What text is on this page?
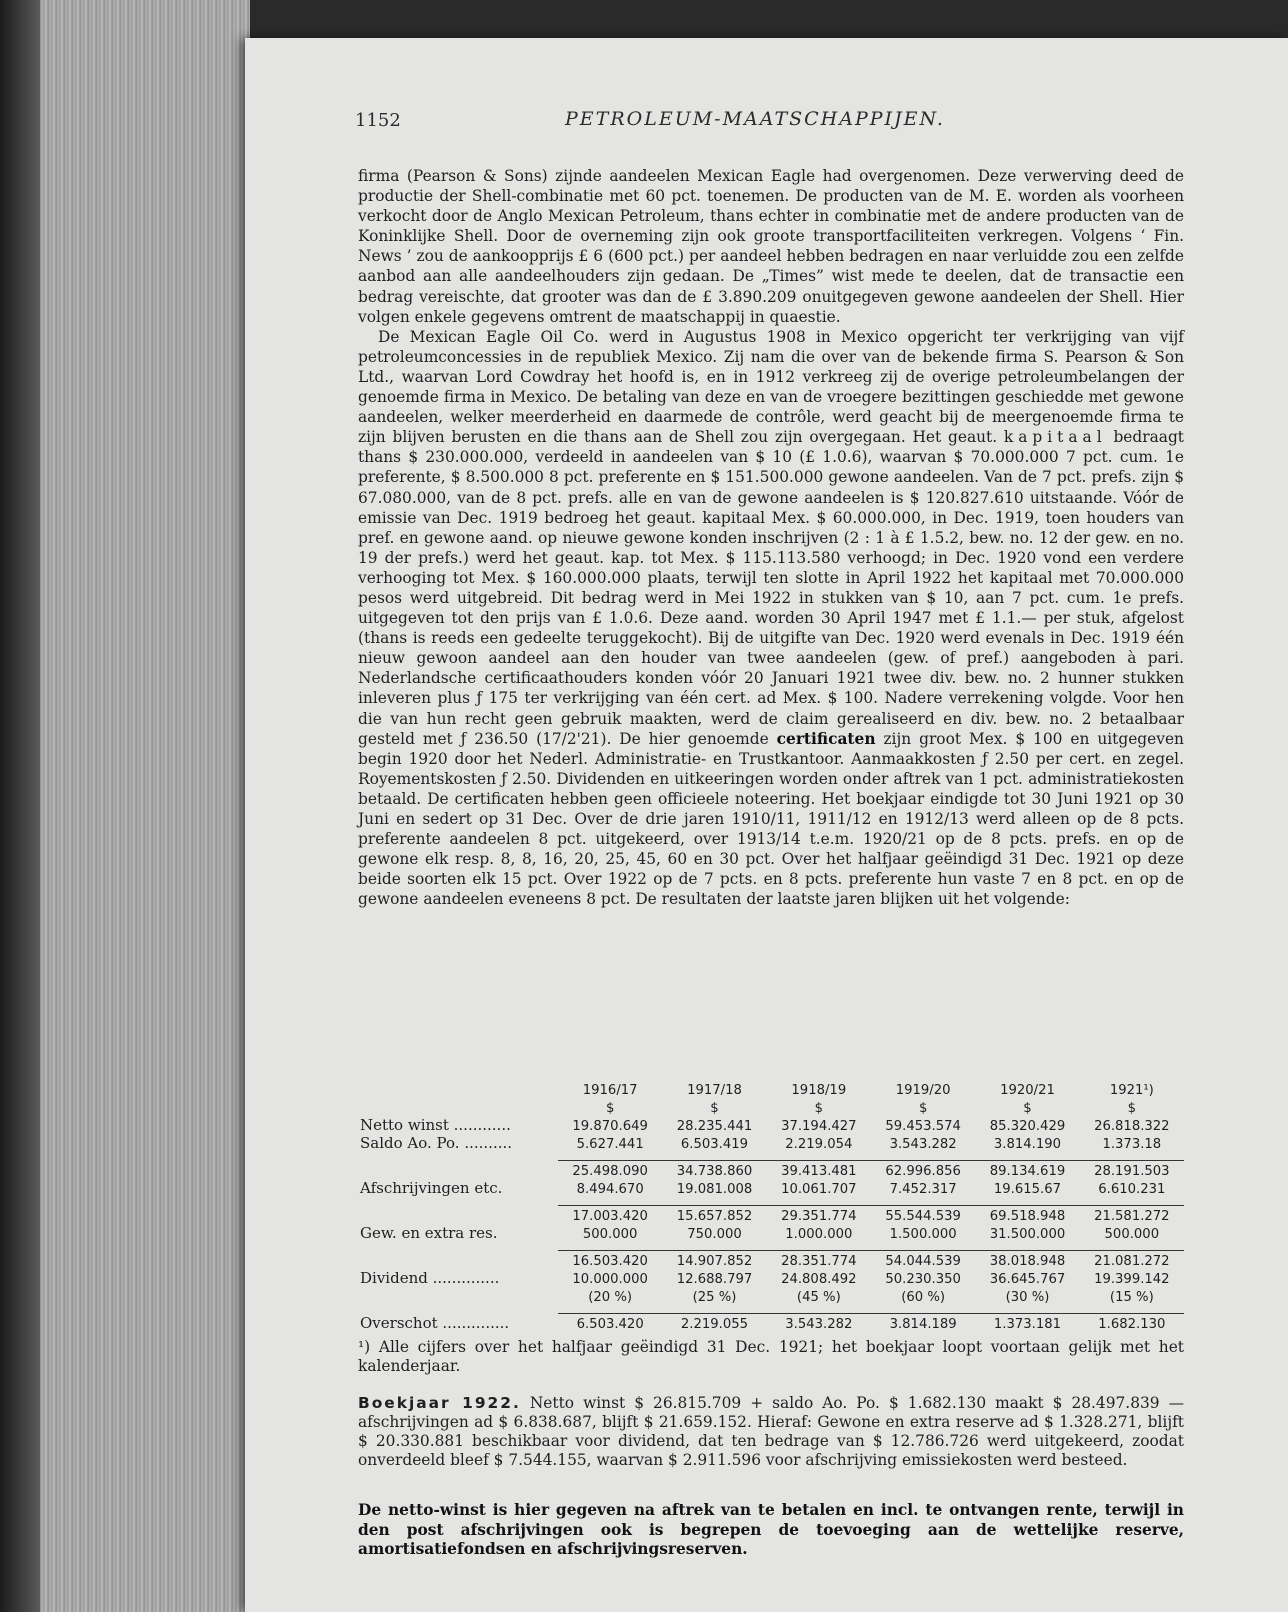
1152	PETROLEUM-MAATSCHAPPIJEN.

firma (Pearson & Sons) zijnde aandeelen Mexican Eagle had overgenomen. Deze verwerving deed de productie der Shell-combinatie met 60 pct. toenemen. De producten van de M. E. worden als voorheen verkocht door de Anglo Mexican Petroleum, thans echter in combinatie met de andere producten van de Koninklijke Shell. Door de overneming zijn ook groote transportfaciliteiten verkregen. Volgens ‘ Fin. News ’ zou de aankoopprijs £ 6 (600 pct.) per aandeel hebben bedragen en naar verluidde zou een zelfde aanbod aan alle aandeelhouders zijn gedaan. De „Times” wist mede te deelen, dat de transactie een bedrag vereischte, dat grooter was dan de £ 3.890.209 onuitgegeven gewone aandeelen der Shell. Hier volgen enkele gegevens omtrent de maatschappij in quaestie.

De Mexican Eagle Oil Co. werd in Augustus 1908 in Mexico opgericht ter verkrijging van vijf petroleumconcessies in de republiek Mexico. Zij nam die over van de bekende firma S. Pearson & Son Ltd., waarvan Lord Cowdray het hoofd is, en in 1912 verkreeg zij de overige petroleumbelangen der genoemde firma in Mexico. De betaling van deze en van de vroegere bezittingen geschiedde met gewone aandeelen, welker meerderheid en daarmede de contrôle, werd geacht bij de meergenoemde firma te zijn blijven berusten en die thans aan de Shell zou zijn overgegaan. Het geaut. kapitaal bedraagt thans $ 230.000.000, verdeeld in aandeelen van $ 10 (£ 1.0.6), waarvan $ 70.000.000 7 pct. cum. 1e preferente, $ 8.500.000 8 pct. preferente en $ 151.500.000 gewone aandeelen. Van de 7 pct. prefs. zijn $ 67.080.000, van de 8 pct. prefs. alle en van de gewone aandeelen is $ 120.827.610 uitstaande. Vóór de emissie van Dec. 1919 bedroeg het geaut. kapitaal Mex. $ 60.000.000, in Dec. 1919, toen houders van pref. en gewone aand. op nieuwe gewone konden inschrijven (2 : 1 à £ 1.5.2, bew. no. 12 der gew. en no. 19 der prefs.) werd het geaut. kap. tot Mex. $ 115.113.580 verhoogd; in Dec. 1920 vond een verdere verhooging tot Mex. $ 160.000.000 plaats, terwijl ten slotte in April 1922 het kapitaal met 70.000.000 pesos werd uitgebreid. Dit bedrag werd in Mei 1922 in stukken van $ 10, aan 7 pct. cum. 1e prefs. uitgegeven tot den prijs van £ 1.0.6. Deze aand. worden 30 April 1947 met £ 1.1.— per stuk, afgelost (thans is reeds een gedeelte teruggekocht). Bij de uitgifte van Dec. 1920 werd evenals in Dec. 1919 één nieuw gewoon aandeel aan den houder van twee aandeelen (gew. of pref.) aangeboden à pari. Nederlandsche certificaathouders konden vóór 20 Januari 1921 twee div. bew. no. 2 hunner stukken inleveren plus ƒ 175 ter verkrijging van één cert. ad Mex. $ 100. Nadere verrekening volgde. Voor hen die van hun recht geen gebruik maakten, werd de claim gerealiseerd en div. bew. no. 2 betaalbaar gesteld met ƒ 236.50 (17/2'21). De hier genoemde certificaten zijn groot Mex. $ 100 en uitgegeven begin 1920 door het Nederl. Administratie- en Trustkantoor. Aanmaakkosten ƒ 2.50 per cert. en zegel. Royementskosten ƒ 2.50. Dividenden en uitkeeringen worden onder aftrek van 1 pct. administratiekosten betaald. De certificaten hebben geen officieele noteering. Het boekjaar eindigde tot 30 Juni 1921 op 30 Juni en sedert op 31 Dec. Over de drie jaren 1910/11, 1911/12 en 1912/13 werd alleen op de 8 pcts. preferente aandeelen 8 pct. uitgekeerd, over 1913/14 t.e.m. 1920/21 op de 8 pcts. prefs. en op de gewone elk resp. 8, 8, 16, 20, 25, 45, 60 en 30 pct. Over het halfjaar geëindigd 31 Dec. 1921 op deze beide soorten elk 15 pct. Over 1922 op de 7 pcts. en 8 pcts. preferente hun vaste 7 en 8 pct. en op de gewone aandeelen eveneens 8 pct. De resultaten der laatste jaren blijken uit het volgende:

	1916/17	1917/18	1918/19	1919/20	1920/21	1921¹)
	$	$	$	$	$	$
Netto winst ............	19.870.649	28.235.441	37.194.427	59.453.574	85.320.429	26.818.322
Saldo Ao. Po. ..........	5.627.441	6.503.419	2.219.054	3.543.282	3.814.190	1.373.18

	25.498.090	34.738.860	39.413.481	62.996.856	89.134.619	28.191.503
Afschrijvingen etc.	8.494.670	19.081.008	10.061.707	7.452.317	19.615.67	6.610.231

	17.003.420	15.657.852	29.351.774	55.544.539	69.518.948	21.581.272
Gew. en extra res.	500.000	750.000	1.000.000	1.500.000	31.500.000	500.000

	16.503.420	14.907.852	28.351.774	54.044.539	38.018.948	21.081.272
Dividend ..............	10.000.000	12.688.797	24.808.492	50.230.350	36.645.767	19.399.142
	(20 %)	(25 %)	(45 %)	(60 %)	(30 %)	(15 %)

Overschot ..............	6.503.420	2.219.055	3.543.282	3.814.189	1.373.181	1.682.130
¹) Alle cijfers over het halfjaar geëindigd 31 Dec. 1921; het boekjaar loopt voortaan gelijk met het kalenderjaar.
Boekjaar 1922. Netto winst $ 26.815.709 + saldo Ao. Po. $ 1.682.130 maakt $ 28.497.839 — afschrijvingen ad $ 6.838.687, blijft $ 21.659.152. Hieraf: Gewone en extra reserve ad $ 1.328.271, blijft $ 20.330.881 beschikbaar voor dividend, dat ten bedrage van $ 12.786.726 werd uitgekeerd, zoodat onverdeeld bleef $ 7.544.155, waarvan $ 2.911.596 voor afschrijving emissiekosten werd besteed.
De netto-winst is hier gegeven na aftrek van te betalen en incl. te ontvangen rente, terwijl in den post afschrijvingen ook is begrepen de toevoeging aan de wettelijke reserve, amortisatiefondsen en afschrijvingsreserven.
